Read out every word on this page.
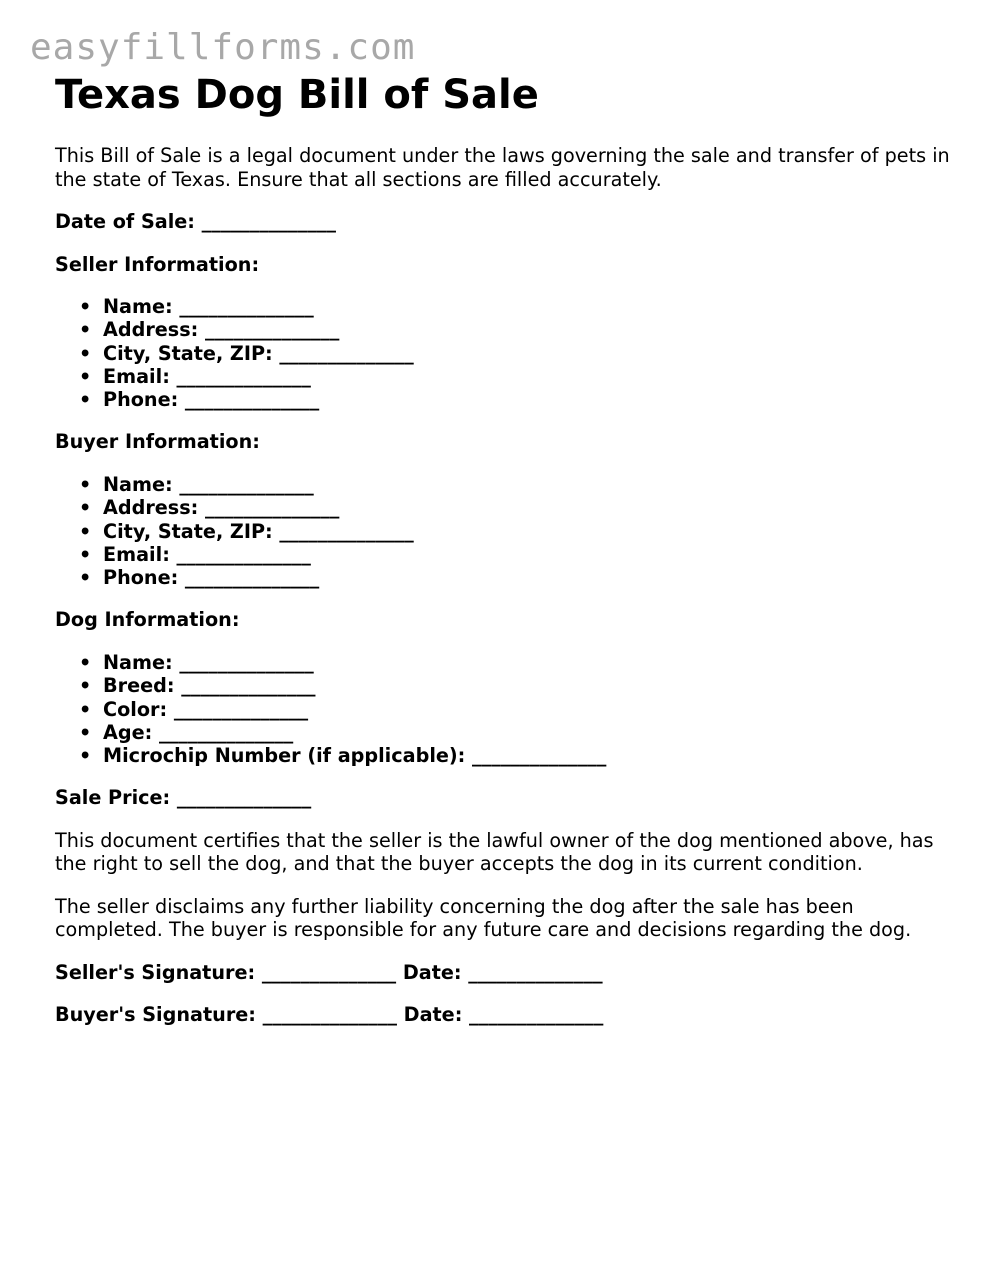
easyfillforms.com
Texas Dog Bill of Sale

This Bill of Sale is a legal document under the laws governing the sale and transfer of pets in the state of Texas. Ensure that all sections are filled accurately.

Date of Sale: ______________
Seller Information:
• Name: ______________
• Address: ______________
• City, State, ZIP: ______________
• Email: ______________
• Phone: ______________
Buyer Information:
• Name: ______________
• Address: ______________
• City, State, ZIP: ______________
• Email: ______________
• Phone: ______________
Dog Information:
• Name: ______________
• Breed: ______________
• Color: ______________
• Age: ______________
• Microchip Number (if applicable): ______________
Sale Price: ______________

This document certifies that the seller is the lawful owner of the dog mentioned above, has the right to sell the dog, and that the buyer accepts the dog in its current condition.

The seller disclaims any further liability concerning the dog after the sale has been completed. The buyer is responsible for any future care and decisions regarding the dog.

Seller's Signature: ______________ Date: ______________
Buyer's Signature: ______________ Date: ______________
